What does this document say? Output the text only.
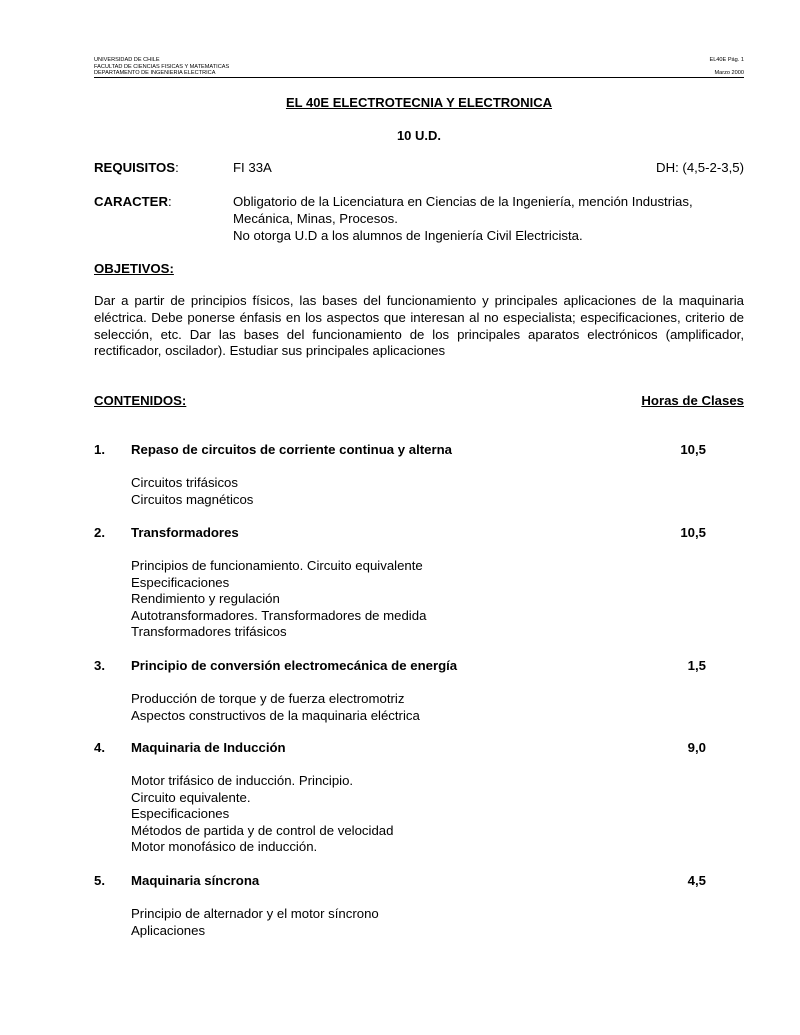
UNIVERSIDAD DE CHILE
FACULTAD DE CIENCIAS FISICAS Y MATEMATICAS
DEPARTAMENTO DE INGENIERIA ELECTRICA
EL40E Pág. 1

Marzo 2000
EL 40E ELECTROTECNIA Y ELECTRONICA
10 U.D.
REQUISITOS:	FI 33A	DH: (4,5-2-3,5)
CARACTER:	Obligatorio de la Licenciatura en Ciencias de la Ingeniería, mención Industrias,
Mecánica, Minas, Procesos.
No otorga U.D a los alumnos de Ingeniería Civil Electricista.
OBJETIVOS:
Dar a partir de principios físicos, las bases del funcionamiento y principales aplicaciones de la maquinaria eléctrica. Debe ponerse énfasis en los aspectos que interesan al no especialista; especificaciones, criterio de selección, etc. Dar las bases del funcionamiento de los principales aparatos electrónicos (amplificador, rectificador, oscilador). Estudiar sus principales aplicaciones
CONTENIDOS:	Horas de Clases
1. Repaso de circuitos de corriente continua y alterna	10,5
Circuitos trifásicos
Circuitos magnéticos
2. Transformadores	10,5
Principios de funcionamiento. Circuito equivalente
Especificaciones
Rendimiento y regulación
Autotransformadores. Transformadores de medida
Transformadores trifásicos
3. Principio de conversión electromecánica de energía	1,5
Producción de torque y de fuerza electromotriz
Aspectos constructivos de la maquinaria eléctrica
4. Maquinaria de Inducción	9,0
Motor trifásico de inducción. Principio.
Circuito equivalente.
Especificaciones
Métodos de partida y de control de velocidad
Motor monofásico de inducción.
5. Maquinaria síncrona	4,5
Principio de alternador y el motor síncrono
Aplicaciones
